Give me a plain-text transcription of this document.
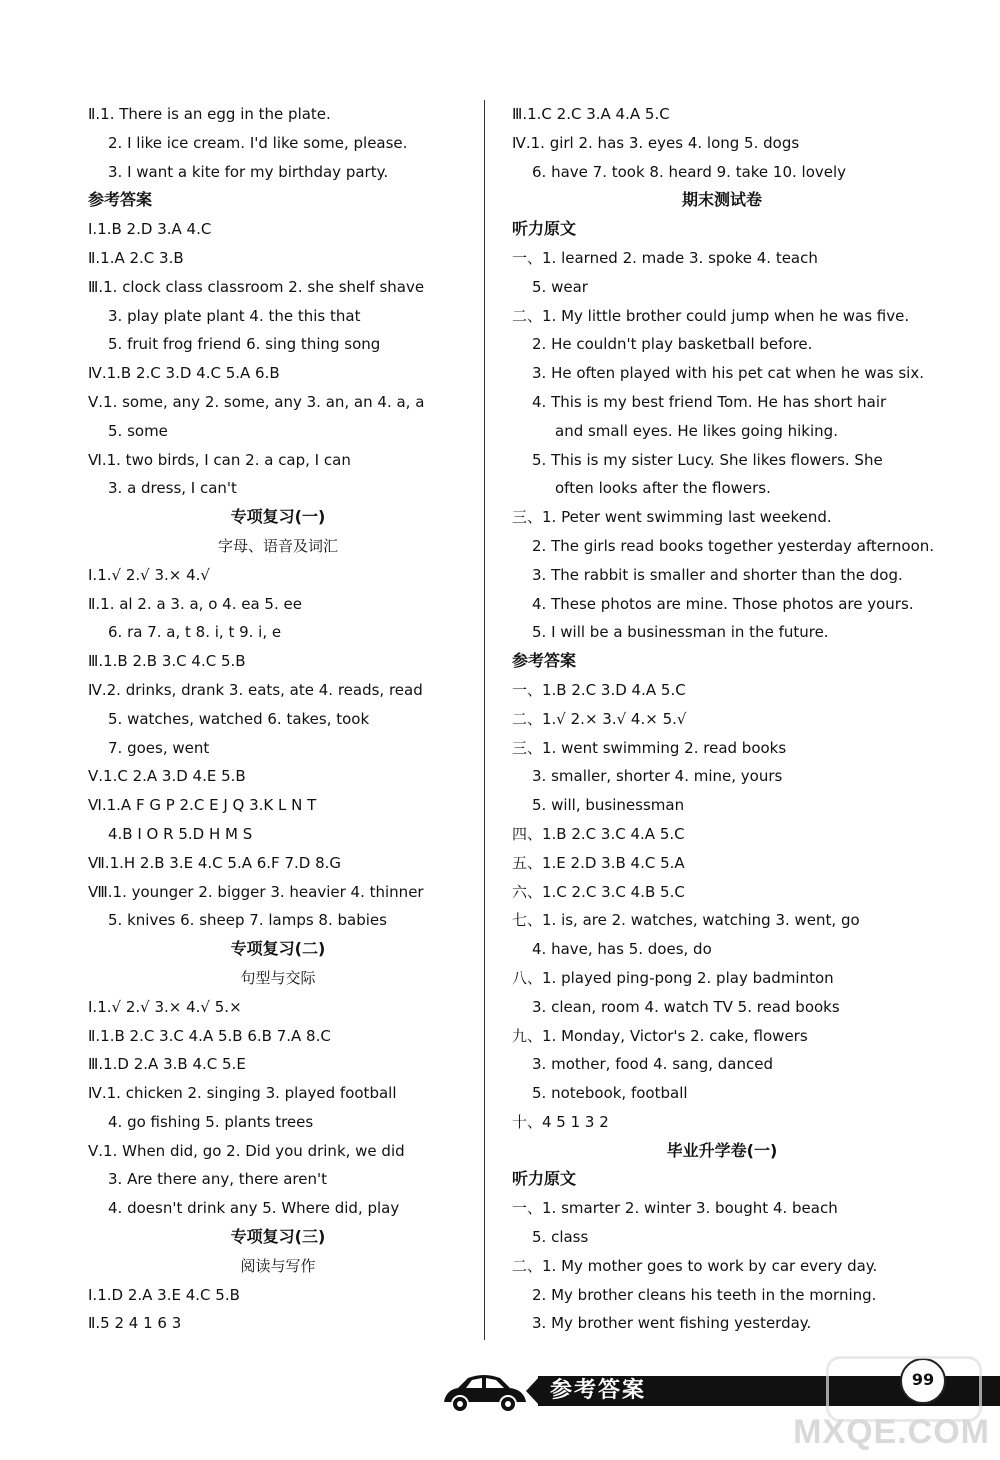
Ⅱ.1. There is an egg in the plate.
2. I like ice cream. I'd like some, please.
3. I want a kite for my birthday party.
参考答案
Ⅰ.1.B 2.D 3.A 4.C
Ⅱ.1.A 2.C 3.B
Ⅲ.1. clock class classroom 2. she shelf shave
3. play plate plant 4. the this that
5. fruit frog friend 6. sing thing song
Ⅳ.1.B 2.C 3.D 4.C 5.A 6.B
Ⅴ.1. some, any 2. some, any 3. an, an 4. a, a
5. some
Ⅵ.1. two birds, I can 2. a cap, I can
3. a dress, I can't
专项复习(一)
字母、语音及词汇
Ⅰ.1.√ 2.√ 3.× 4.√
Ⅱ.1. al 2. a 3. a, o 4. ea 5. ee
6. ra 7. a, t 8. i, t 9. i, e
Ⅲ.1.B 2.B 3.C 4.C 5.B
Ⅳ.2. drinks, drank 3. eats, ate 4. reads, read
5. watches, watched 6. takes, took
7. goes, went
Ⅴ.1.C 2.A 3.D 4.E 5.B
Ⅵ.1.A F G P 2.C E J Q 3.K L N T
4.B I O R 5.D H M S
Ⅶ.1.H 2.B 3.E 4.C 5.A 6.F 7.D 8.G
Ⅷ.1. younger 2. bigger 3. heavier 4. thinner
5. knives 6. sheep 7. lamps 8. babies
专项复习(二)
句型与交际
Ⅰ.1.√ 2.√ 3.× 4.√ 5.×
Ⅱ.1.B 2.C 3.C 4.A 5.B 6.B 7.A 8.C
Ⅲ.1.D 2.A 3.B 4.C 5.E
Ⅳ.1. chicken 2. singing 3. played football
4. go fishing 5. plants trees
Ⅴ.1. When did, go 2. Did you drink, we did
3. Are there any, there aren't
4. doesn't drink any 5. Where did, play
专项复习(三)
阅读与写作
Ⅰ.1.D 2.A 3.E 4.C 5.B
Ⅱ.5 2 4 1 6 3
Ⅲ.1.C 2.C 3.A 4.A 5.C
Ⅳ.1. girl 2. has 3. eyes 4. long 5. dogs
6. have 7. took 8. heard 9. take 10. lovely
期末测试卷
听力原文
一、1. learned 2. made 3. spoke 4. teach
5. wear
二、1. My little brother could jump when he was five.
2. He couldn't play basketball before.
3. He often played with his pet cat when he was six.
4. This is my best friend Tom. He has short hair
and small eyes. He likes going hiking.
5. This is my sister Lucy. She likes flowers. She
often looks after the flowers.
三、1. Peter went swimming last weekend.
2. The girls read books together yesterday afternoon.
3. The rabbit is smaller and shorter than the dog.
4. These photos are mine. Those photos are yours.
5. I will be a businessman in the future.
参考答案
一、1.B 2.C 3.D 4.A 5.C
二、1.√ 2.× 3.√ 4.× 5.√
三、1. went swimming 2. read books
3. smaller, shorter 4. mine, yours
5. will, businessman
四、1.B 2.C 3.C 4.A 5.C
五、1.E 2.D 3.B 4.C 5.A
六、1.C 2.C 3.C 4.B 5.C
七、1. is, are 2. watches, watching 3. went, go
4. have, has 5. does, do
八、1. played ping-pong 2. play badminton
3. clean, room 4. watch TV 5. read books
九、1. Monday, Victor's 2. cake, flowers
3. mother, food 4. sang, danced
5. notebook, football
十、4 5 1 3 2
毕业升学卷(一)
听力原文
一、1. smarter 2. winter 3. bought 4. beach
5. class
二、1. My mother goes to work by car every day.
2. My brother cleans his teeth in the morning.
3. My brother went fishing yesterday.
参考答案	99
MXQE.COM
